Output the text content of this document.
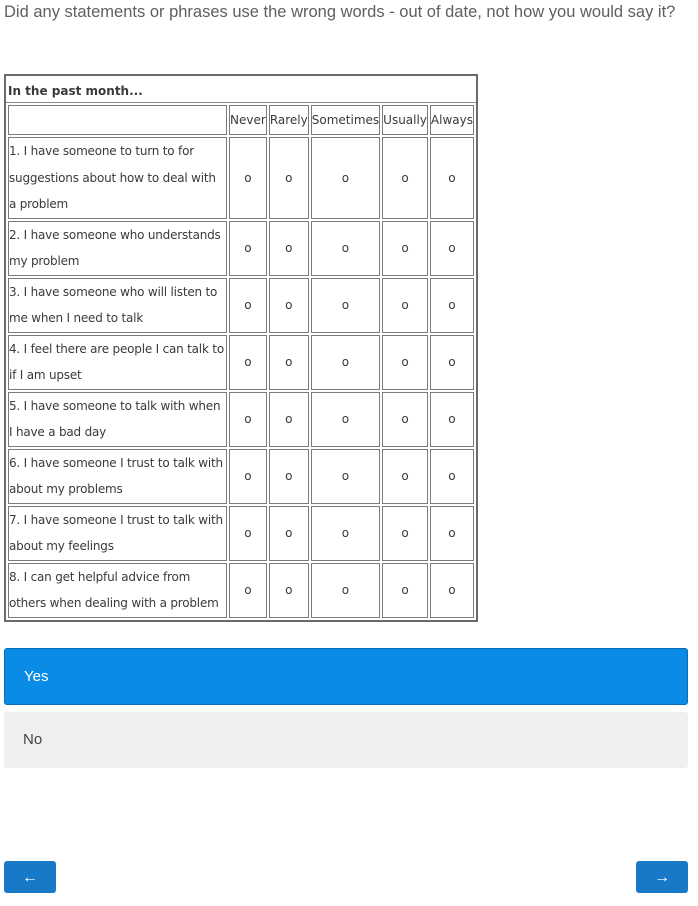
Did any statements or phrases use the wrong words - out of date, not how you would say it?
In the past month...
	Never	Rarely	Sometimes	Usually	Always
1. I have someone to turn to for suggestions about how to deal with a problem	o	o	o	o	o
2. I have someone who understands my problem	o	o	o	o	o
3. I have someone who will listen to me when I need to talk	o	o	o	o	o
4. I feel there are people I can talk to if I am upset	o	o	o	o	o
5. I have someone to talk with when I have a bad day	o	o	o	o	o
6. I have someone I trust to talk with about my problems	o	o	o	o	o
7. I have someone I trust to talk with about my feelings	o	o	o	o	o
8. I can get helpful advice from others when dealing with a problem	o	o	o	o	o
Yes
No
←	→
